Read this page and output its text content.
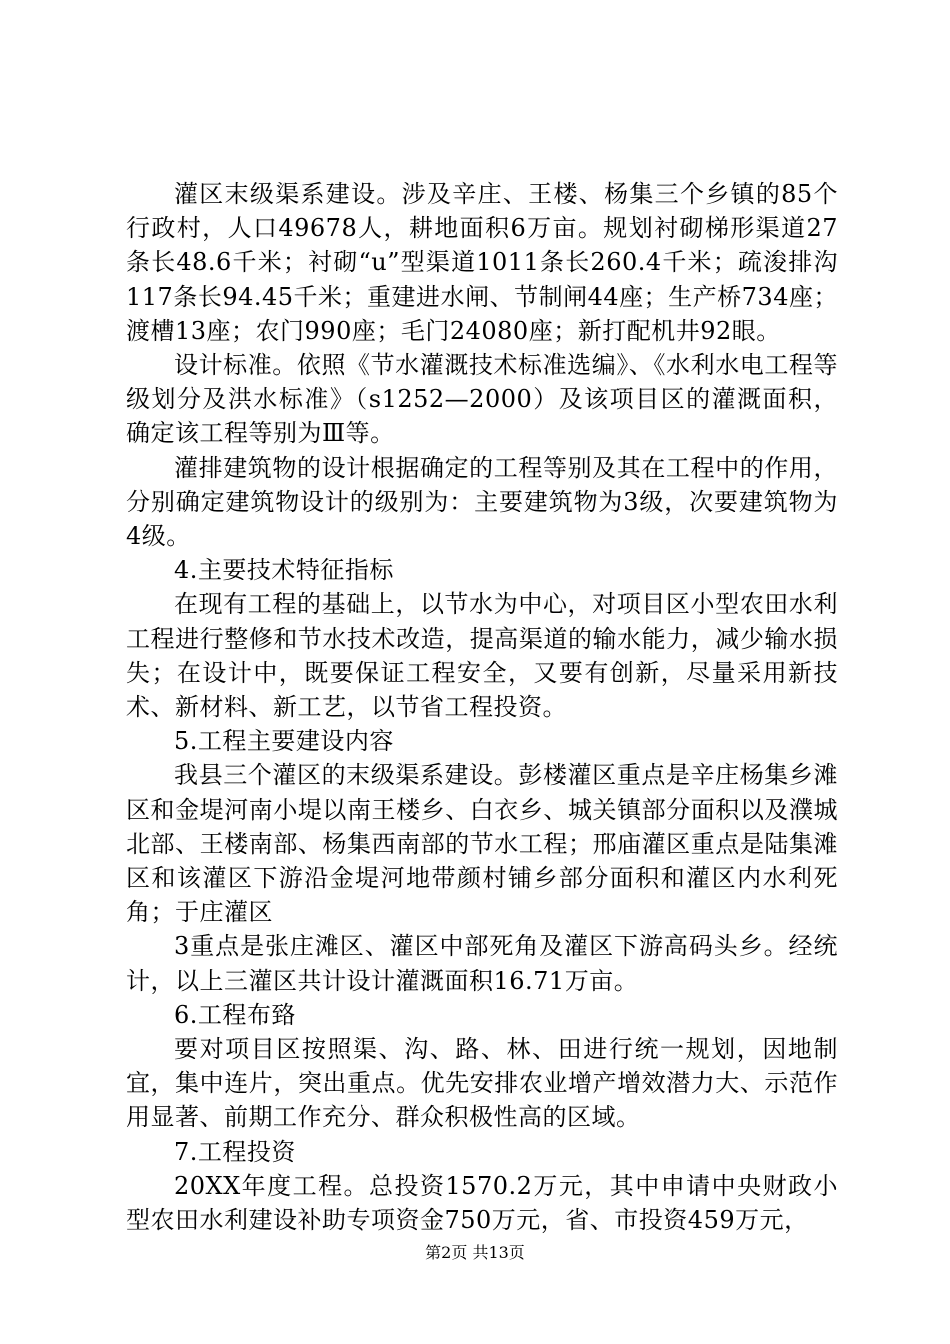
灌区末级渠系建设。涉及辛庄、王楼、杨集三个乡镇的85个行政村，人口49678人，耕地面积6万亩。规划衬砌梯形渠道27条长48.6千米；衬砌“u”型渠道1011条长260.4千米；疏浚排沟117条长94.45千米；重建进水闸、节制闸44座；生产桥734座；渡槽13座；农门990座；毛门24080座；新打配机井92眼。

设计标准。依照《节水灌溉技术标准选编》、《水利水电工程等级划分及洪水标准》（s1252—2000）及该项目区的灌溉面积，确定该工程等别为Ⅲ等。

灌排建筑物的设计根据确定的工程等别及其在工程中的作用，分别确定建筑物设计的级别为：主要建筑物为3级，次要建筑物为4级。

4.主要技术特征指标

在现有工程的基础上，以节水为中心，对项目区小型农田水利工程进行整修和节水技术改造，提高渠道的输水能力，减少输水损失；在设计中，既要保证工程安全，又要有创新，尽量采用新技术、新材料、新工艺，以节省工程投资。

5.工程主要建设内容

我县三个灌区的末级渠系建设。彭楼灌区重点是辛庄杨集乡滩区和金堤河南小堤以南王楼乡、白衣乡、城关镇部分面积以及濮城北部、王楼南部、杨集西南部的节水工程；邢庙灌区重点是陆集滩区和该灌区下游沿金堤河地带颜村铺乡部分面积和灌区内水利死角；于庄灌区

3重点是张庄滩区、灌区中部死角及灌区下游高码头乡。经统计，以上三灌区共计设计灌溉面积16.71万亩。

6.工程布臵

要对项目区按照渠、沟、路、林、田进行统一规划，因地制宜，集中连片，突出重点。优先安排农业增产增效潜力大、示范作用显著、前期工作充分、群众积极性高的区域。

7.工程投资

20XX年度工程。总投资1570.2万元，其中申请中央财政小型农田水利建设补助专项资金750万元，省、市投资459万元，

第2页 共13页
